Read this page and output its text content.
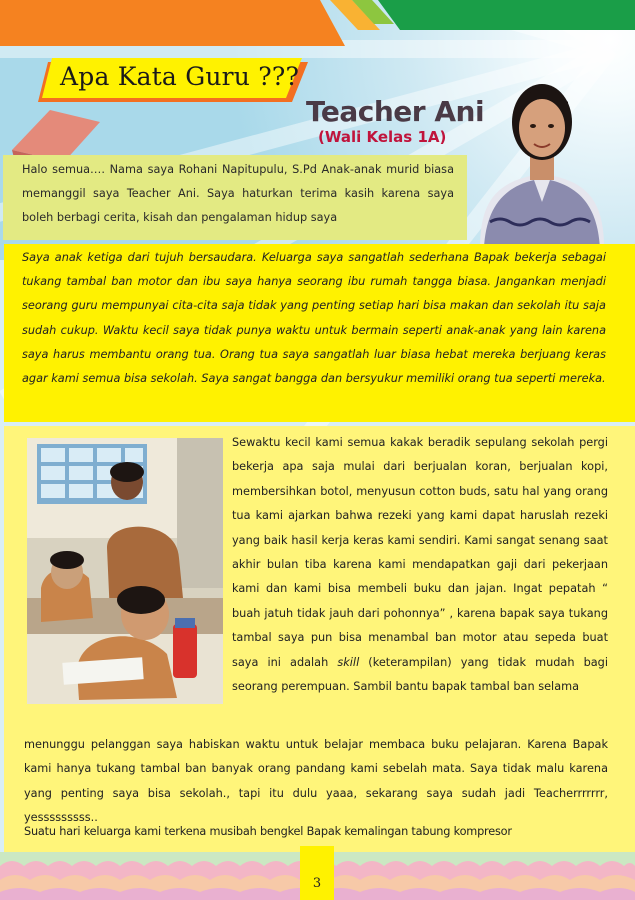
Apa Kata Guru ???
Teacher Ani
(Wali Kelas 1A)
Halo semua…. Nama saya Rohani Napitupulu, S.Pd Anak-anak murid biasa memanggil saya Teacher Ani. Saya haturkan terima kasih karena saya boleh berbagi cerita, kisah dan pengalaman hidup saya
Saya anak ketiga dari tujuh bersaudara. Keluarga saya sangatlah sederhana Bapak bekerja sebagai tukang tambal ban motor dan ibu saya hanya seorang ibu rumah tangga biasa. Jangankan menjadi seorang guru mempunyai cita-cita saja tidak yang penting setiap hari bisa makan dan sekolah itu saja sudah cukup. Waktu kecil saya tidak punya waktu untuk bermain seperti anak-anak yang lain karena saya harus membantu orang tua. Orang tua saya sangatlah luar biasa hebat mereka berjuang keras agar kami semua bisa sekolah. Saya sangat bangga dan bersyukur memiliki orang tua seperti mereka.
Sewaktu kecil kami semua kakak beradik sepulang sekolah pergi bekerja apa saja mulai dari berjualan koran, berjualan kopi, membersihkan botol, menyusun cotton buds, satu hal yang orang tua kami ajarkan bahwa rezeki yang kami dapat haruslah rezeki yang baik hasil kerja keras kami sendiri. Kami sangat senang saat akhir bulan tiba karena kami mendapatkan gaji dari pekerjaan kami dan kami bisa membeli buku dan jajan. Ingat pepatah “ buah jatuh tidak jauh dari pohonnya” , karena bapak saya tukang tambal saya pun bisa menambal ban motor atau sepeda buat saya ini adalah skill (keterampilan) yang tidak mudah bagi seorang perempuan. Sambil bantu bapak tambal ban selama
menunggu pelanggan saya habiskan waktu untuk belajar membaca buku pelajaran. Karena Bapak kami hanya tukang tambal ban banyak orang pandang kami sebelah mata. Saya tidak malu karena yang penting saya bisa sekolah., tapi itu dulu yaaa, sekarang saya sudah jadi Teacherrrrrrr, yesssssssss..
Suatu hari keluarga kami terkena musibah bengkel Bapak kemalingan tabung kompresor
3
